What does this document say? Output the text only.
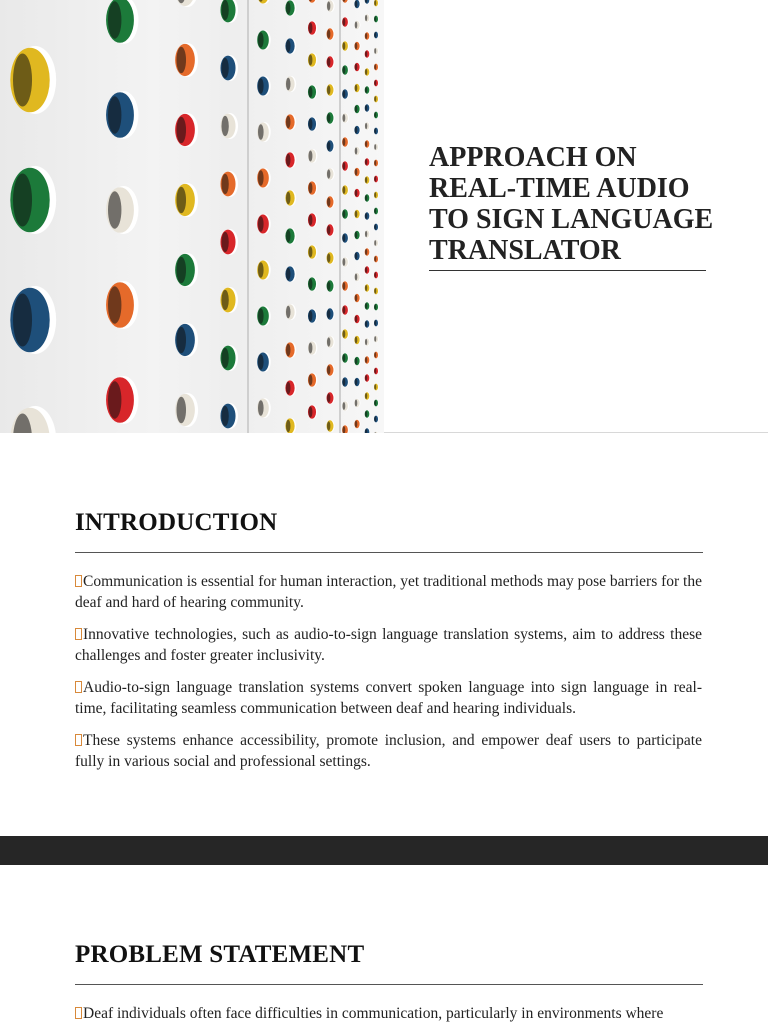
APPROACH ON
REAL-TIME AUDIO
TO SIGN LANGUAGE
TRANSLATOR
INTRODUCTION
Communication is essential for human interaction, yet traditional methods may pose barriers for the deaf and hard of hearing community.
Innovative technologies, such as audio-to-sign language translation systems, aim to address these challenges and foster greater inclusivity.
Audio-to-sign language translation systems convert spoken language into sign language in real-time, facilitating seamless communication between deaf and hearing individuals.
These systems enhance accessibility, promote inclusion, and empower deaf users to participate fully in various social and professional settings.
PROBLEM STATEMENT
Deaf individuals often face difficulties in communication, particularly in environments where
